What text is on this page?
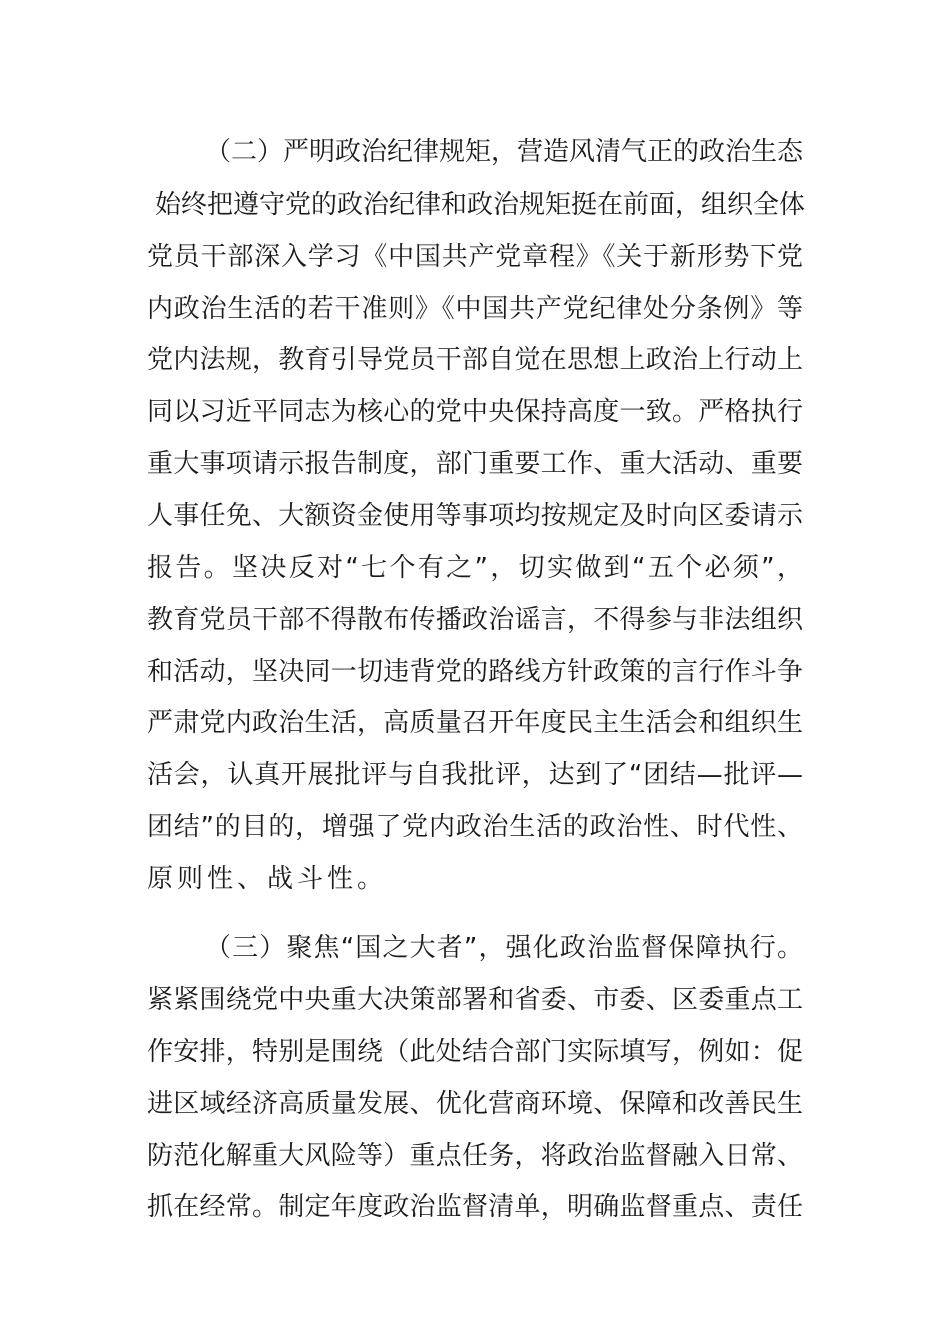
（二）严明政治纪律规矩，营造风清气正的政治生态
始终把遵守党的政治纪律和政治规矩挺在前面，组织全体
党员干部深入学习《中国共产党章程》《关于新形势下党
内政治生活的若干准则》《中国共产党纪律处分条例》等
党内法规，教育引导党员干部自觉在思想上政治上行动上
同以习近平同志为核心的党中央保持高度一致。严格执行
重大事项请示报告制度，部门重要工作、重大活动、重要
人事任免、大额资金使用等事项均按规定及时向区委请示
报告。坚决反对“七个有之”，切实做到“五个必须”，
教育党员干部不得散布传播政治谣言，不得参与非法组织
和活动，坚决同一切违背党的路线方针政策的言行作斗争
严肃党内政治生活，高质量召开年度民主生活会和组织生
活会，认真开展批评与自我批评，达到了“团结—批评—
团结”的目的，增强了党内政治生活的政治性、时代性、
原则性、战斗性。
（三）聚焦“国之大者”，强化政治监督保障执行。
紧紧围绕党中央重大决策部署和省委、市委、区委重点工
作安排，特别是围绕（此处结合部门实际填写，例如：促
进区域经济高质量发展、优化营商环境、保障和改善民生
防范化解重大风险等）重点任务，将政治监督融入日常、
抓在经常。制定年度政治监督清单，明确监督重点、责任
